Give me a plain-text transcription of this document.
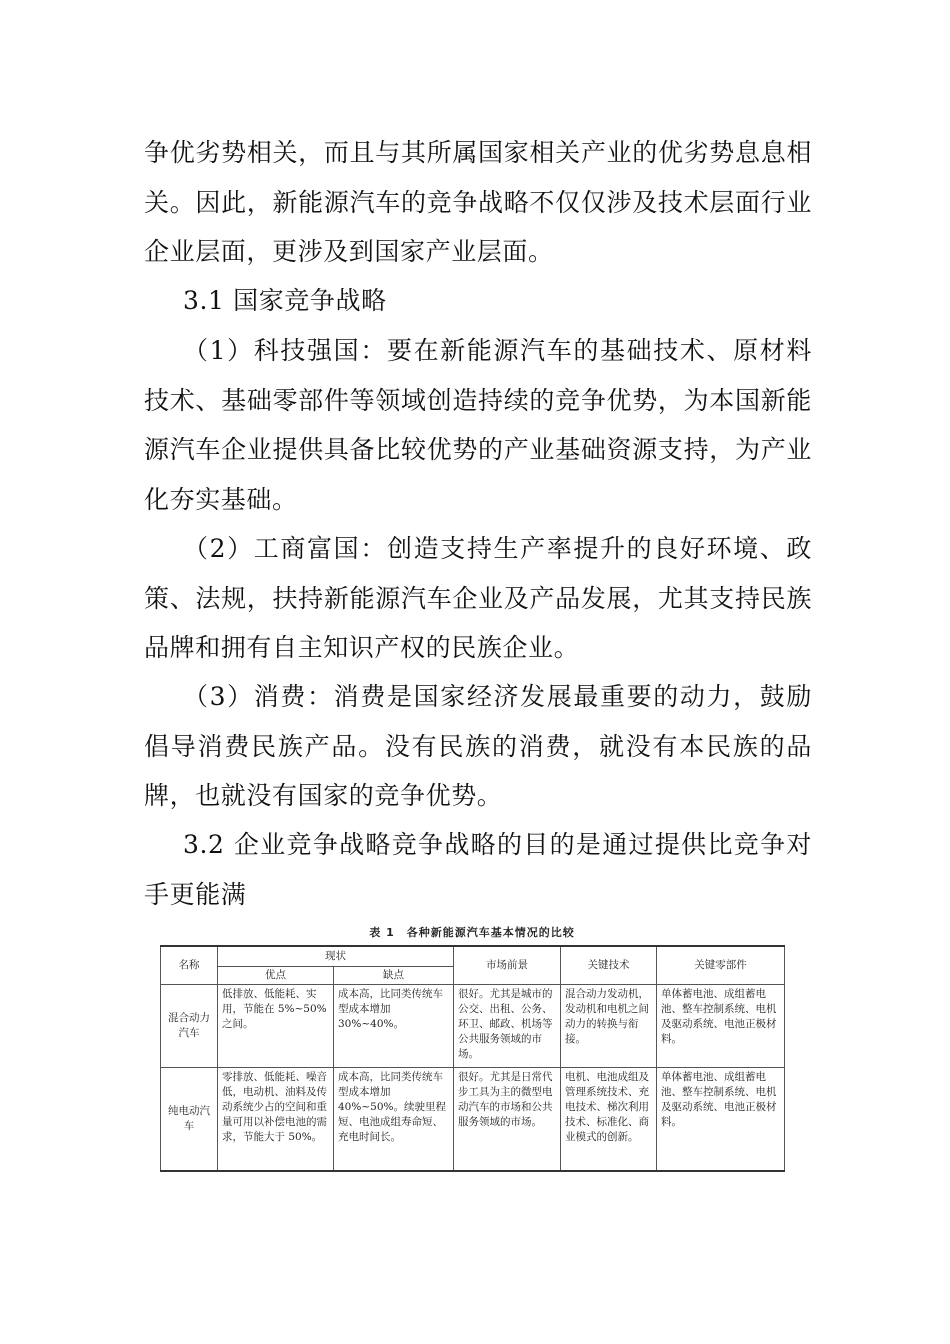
争优劣势相关，而且与其所属国家相关产业的优劣势息息相关。因此，新能源汽车的竞争战略不仅仅涉及技术层面行业企业层面，更涉及到国家产业层面。

3.1 国家竞争战略

（1）科技强国：要在新能源汽车的基础技术、原材料技术、基础零部件等领域创造持续的竞争优势，为本国新能源汽车企业提供具备比较优势的产业基础资源支持，为产业化夯实基础。

（2）工商富国：创造支持生产率提升的良好环境、政策、法规，扶持新能源汽车企业及产品发展，尤其支持民族品牌和拥有自主知识产权的民族企业。

（3）消费：消费是国家经济发展最重要的动力，鼓励倡导消费民族产品。没有民族的消费，就没有本民族的品牌，也就没有国家的竞争优势。

3.2 企业竞争战略竞争战略的目的是通过提供比竞争对手更能满

表 1　各种新能源汽车基本情况的比较
名称	现状		市场前景	关键技术	关键零部件
	优点	缺点			
混合动力汽车	低排放、低能耗、实用，节能在 5%~50%之间。	成本高，比同类传统车型成本增加 30%~40%。	很好。尤其是城市的公交、出租、公务、环卫、邮政、机场等公共服务领域的市场。	混合动力发动机，发动机和电机之间动力的转换与衔接。	单体蓄电池、成组蓄电池、整车控制系统、电机及驱动系统、电池正极材料。
纯电动汽车	零排放、低能耗、噪音低，电动机、油料及传动系统少占的空间和重量可用以补偿电池的需求，节能大于 50%。	成本高，比同类传统车型成本增加 40%~50%。续驶里程短、电池成组寿命短、充电时间长。	很好。尤其是日常代步工具为主的微型电动汽车的市场和公共服务领域的市场。	电机、电池成组及管理系统技术、充电技术、梯次利用技术、标准化、商业模式的创新。	单体蓄电池、成组蓄电池、整车控制系统、电机及驱动系统、电池正极材料。
